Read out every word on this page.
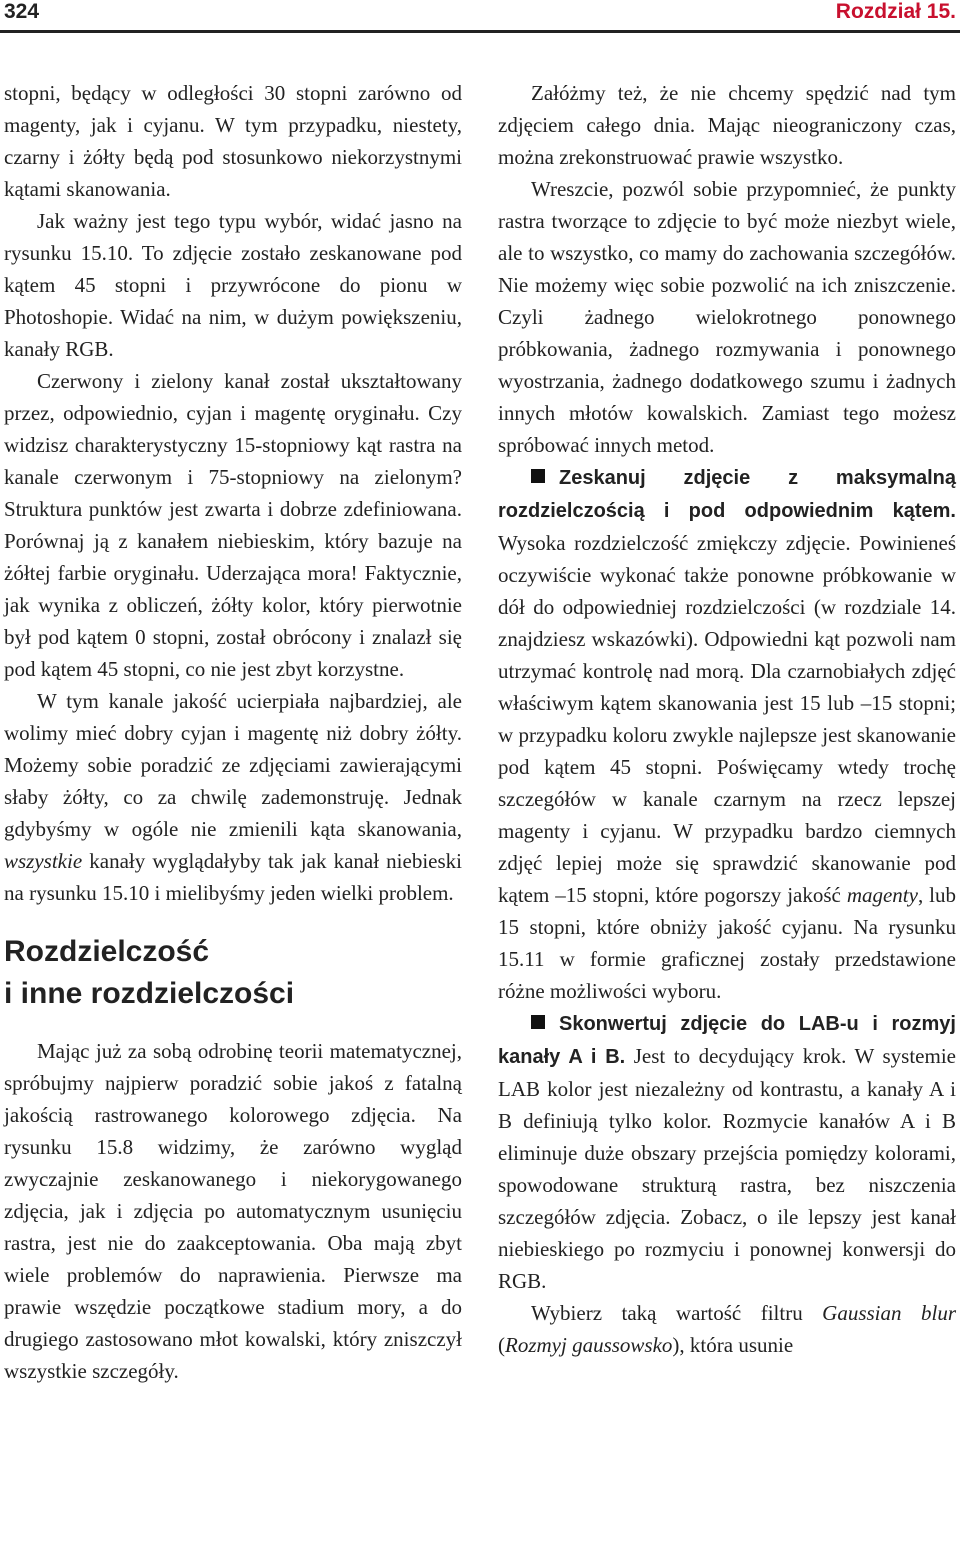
324	Rozdział 15.

stopni, będący w odległości 30 stopni zarówno od magenty, jak i cyjanu. W tym przypadku, niestety, czarny i żółty będą pod stosunkowo niekorzystnymi kątami skanowania.

Jak ważny jest tego typu wybór, widać jasno na rysunku 15.10. To zdjęcie zostało zeskanowane pod kątem 45 stopni i przywrócone do pionu w Photoshopie. Widać na nim, w dużym powiększeniu, kanały RGB.

Czerwony i zielony kanał został ukształtowany przez, odpowiednio, cyjan i magentę oryginału. Czy widzisz charakterystyczny 15-stopniowy kąt rastra na kanale czerwonym i 75-stopniowy na zielonym? Struktura punktów jest zwarta i dobrze zdefiniowana. Porównaj ją z kanałem niebieskim, który bazuje na żółtej farbie oryginału. Uderzająca mora! Faktycznie, jak wynika z obliczeń, żółty kolor, który pierwotnie był pod kątem 0 stopni, został obrócony i znalazł się pod kątem 45 stopni, co nie jest zbyt korzystne.

W tym kanale jakość ucierpiała najbardziej, ale wolimy mieć dobry cyjan i magentę niż dobry żółty. Możemy sobie poradzić ze zdjęciami zawierającymi słaby żółty, co za chwilę zademonstruję. Jednak gdybyśmy w ogóle nie zmienili kąta skanowania, wszystkie kanały wyglądałyby tak jak kanał niebieski na rysunku 15.10 i mielibyśmy jeden wielki problem.

Rozdzielczość
i inne rozdzielczości

Mając już za sobą odrobinę teorii matematycznej, spróbujmy najpierw poradzić sobie jakoś z fatalną jakością rastrowanego kolorowego zdjęcia. Na rysunku 15.8 widzimy, że zarówno wygląd zwyczajnie zeskanowanego i niekorygowanego zdjęcia, jak i zdjęcia po automatycznym usunięciu rastra, jest nie do zaakceptowania. Oba mają zbyt wiele problemów do naprawienia. Pierwsze ma prawie wszędzie początkowe stadium mory, a do drugiego zastosowano młot kowalski, który zniszczył wszystkie szczegóły.

Załóżmy też, że nie chcemy spędzić nad tym zdjęciem całego dnia. Mając nieograniczony czas, można zrekonstruować prawie wszystko.

Wreszcie, pozwól sobie przypomnieć, że punkty rastra tworzące to zdjęcie to być może niezbyt wiele, ale to wszystko, co mamy do zachowania szczegółów. Nie możemy więc sobie pozwolić na ich zniszczenie. Czyli żadnego wielokrotnego ponownego próbkowania, żadnego rozmywania i ponownego wyostrzania, żadnego dodatkowego szumu i żadnych innych młotów kowalskich. Zamiast tego możesz spróbować innych metod.

Zeskanuj zdjęcie z maksymalną rozdzielczością i pod odpowiednim kątem. Wysoka rozdzielczość zmiękczy zdjęcie. Powinieneś oczywiście wykonać także ponowne próbkowanie w dół do odpowiedniej rozdzielczości (w rozdziale 14. znajdziesz wskazówki). Odpowiedni kąt pozwoli nam utrzymać kontrolę nad morą. Dla czarnobiałych zdjęć właściwym kątem skanowania jest 15 lub –15 stopni; w przypadku koloru zwykle najlepsze jest skanowanie pod kątem 45 stopni. Poświęcamy wtedy trochę szczegółów w kanale czarnym na rzecz lepszej magenty i cyjanu. W przypadku bardzo ciemnych zdjęć lepiej może się sprawdzić skanowanie pod kątem –15 stopni, które pogorszy jakość magenty, lub 15 stopni, które obniży jakość cyjanu. Na rysunku 15.11 w formie graficznej zostały przedstawione różne możliwości wyboru.

Skonwertuj zdjęcie do LAB-u i rozmyj kanały A i B. Jest to decydujący krok. W systemie LAB kolor jest niezależny od kontrastu, a kanały A i B definiują tylko kolor. Rozmycie kanałów A i B eliminuje duże obszary przejścia pomiędzy kolorami, spowodowane strukturą rastra, bez niszczenia szczegółów zdjęcia. Zobacz, o ile lepszy jest kanał niebieskiego po rozmyciu i ponownej konwersji do RGB.

Wybierz taką wartość filtru Gaussian blur (Rozmyj gaussowsko), która usunie
